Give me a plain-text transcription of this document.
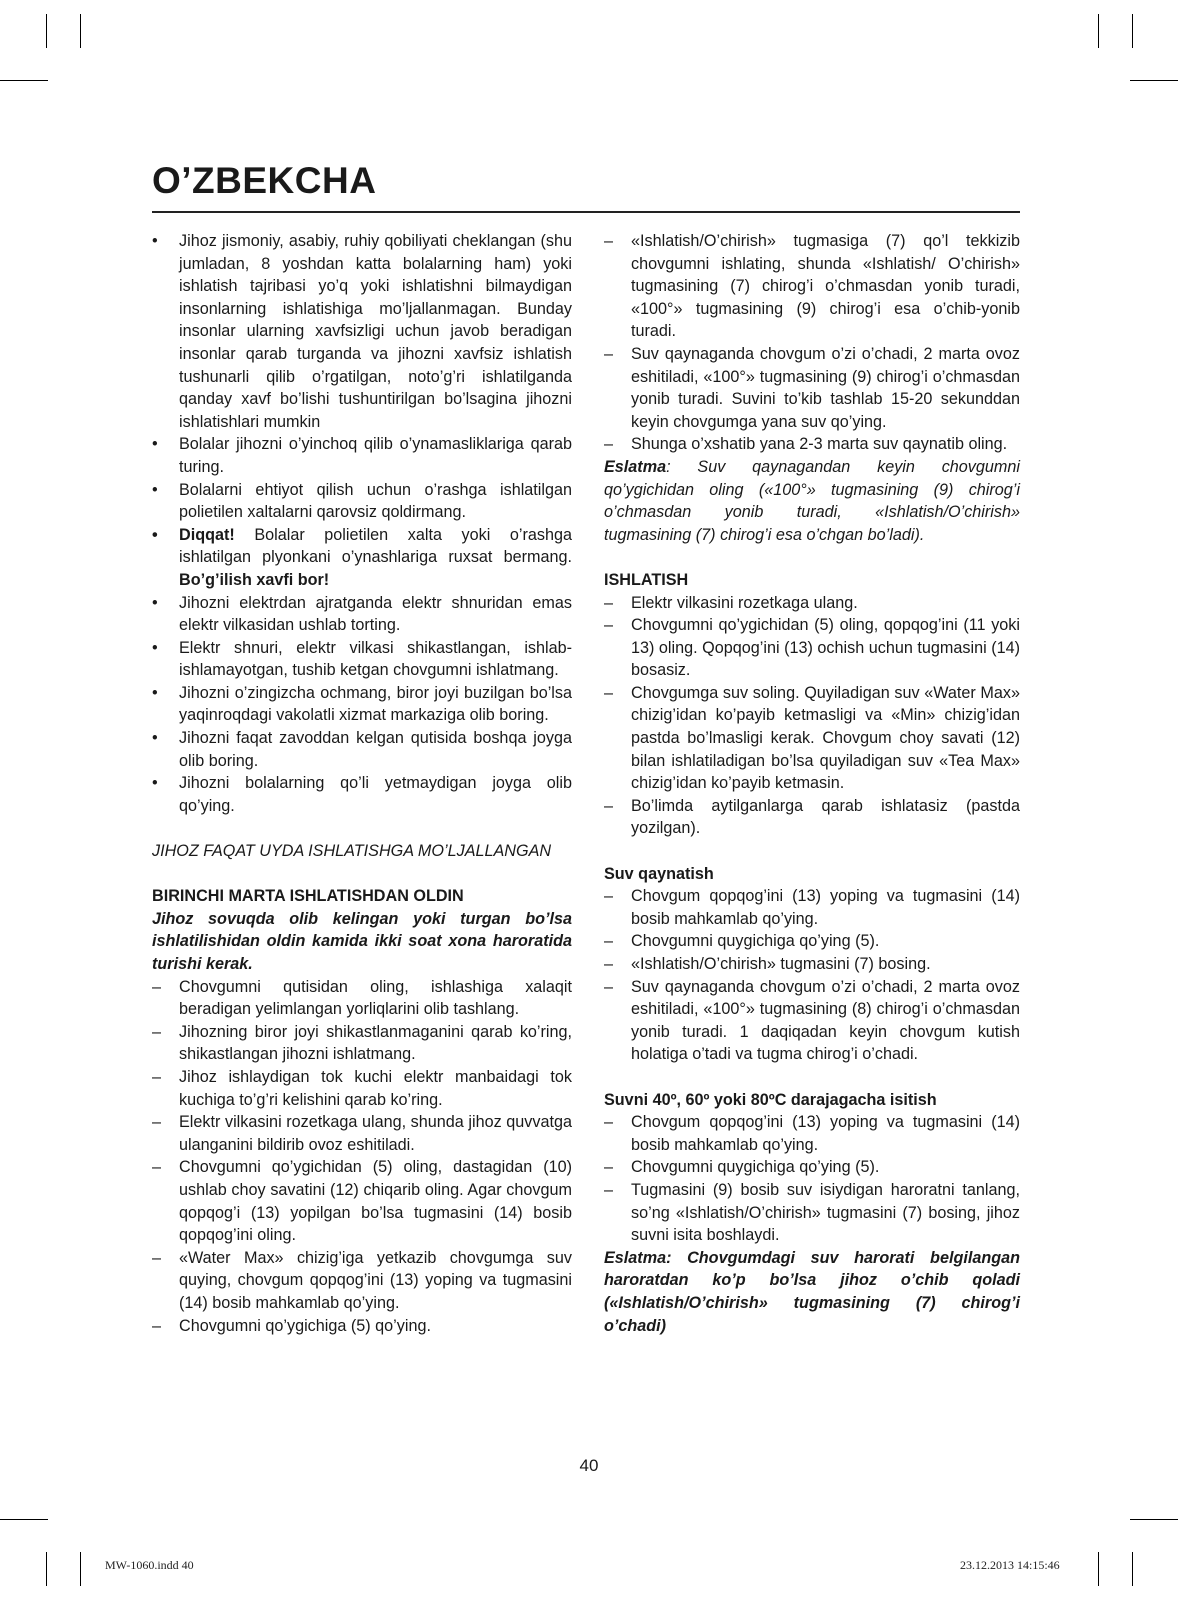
O’ZBEKCHA
• Jihoz jismoniy, asabiy, ruhiy qobiliyati cheklangan (shu jumladan, 8 yoshdan katta bolalarning ham) yoki ishlatish tajribasi yo’q yoki ishlatishni bilmaydigan insonlarning ishlatishiga mo’ljallanmagan. Bunday insonlar ularning xavfsizligi uchun javob beradigan insonlar qarab turganda va jihozni xavfsiz ishlatish tushunarli qilib o’rgatilgan, noto’g’ri ishlatilganda qanday xavf bo’lishi tushuntirilgan bo’lsagina jihozni ishlatishlari mumkin
• Bolalar jihozni o’yinchoq qilib o’ynamasliklariga qarab turing.
• Bolalarni ehtiyot qilish uchun o’rashga ishlatilgan polietilen xaltalarni qarovsiz qoldirmang.
• Diqqat! Bolalar polietilen xalta yoki o’rashga ishlatilgan plyonkani o’ynashlariga ruxsat bermang. Bo’g’ilish xavfi bor!
• Jihozni elektrdan ajratganda elektr shnuridan emas elektr vilkasidan ushlab torting.
• Elektr shnuri, elektr vilkasi shikastlangan, ishlab-ishlamayotgan, tushib ketgan chovgumni ishlatmang.
• Jihozni o’zingizcha ochmang, biror joyi buzilgan bo’lsa yaqinroqdagi vakolatli xizmat markaziga olib boring.
• Jihozni faqat zavoddan kelgan qutisida boshqa joyga olib boring.
• Jihozni bolalarning qo’li yetmaydigan joyga olib qo’ying.
JIHOZ FAQAT UYDA ISHLATISHGA MO’LJALLANGAN
BIRINCHI MARTA ISHLATISHDAN OLDIN
Jihoz sovuqda olib kelingan yoki turgan bo’lsa ishlatilishidan oldin kamida ikki soat xona haroratida turishi kerak.
– Chovgumni qutisidan oling, ishlashiga xalaqit beradigan yelimlangan yorliqlarini olib tashlang.
– Jihozning biror joyi shikastlanmaganini qarab ko’ring, shikastlangan jihozni ishlatmang.
– Jihoz ishlaydigan tok kuchi elektr manbaidagi tok kuchiga to’g’ri kelishini qarab ko’ring.
– Elektr vilkasini rozetkaga ulang, shunda jihoz quvvatga ulanganini bildirib ovoz eshitiladi.
– Chovgumni qo’ygichidan (5) oling, dastagidan (10) ushlab choy savatini (12) chiqarib oling. Agar chovgum qopqog’i (13) yopilgan bo’lsa tugmasini (14) bosib qopqog’ini oling.
– «Water Max» chizig’iga yetkazib chovgumga suv quying, chovgum qopqog’ini (13) yoping va tugmasini (14) bosib mahkamlab qo’ying.
– Chovgumni qo’ygichiga (5) qo’ying.
– «Ishlatish/O’chirish» tugmasiga (7) qo’l tekkizib chovgumni ishlating, shunda «Ishlatish/ O’chirish» tugmasining (7) chirog’i o’chmasdan yonib turadi, «100°» tugmasining (9) chirog’i esa o’chib-yonib turadi.
– Suv qaynaganda chovgum o’zi o’chadi, 2 marta ovoz eshitiladi, «100°» tugmasining (9) chirog’i o’chmasdan yonib turadi. Suvini to’kib tashlab 15-20 sekunddan keyin chovgumga yana suv qo’ying.
– Shunga o’xshatib yana 2-3 marta suv qaynatib oling.
Eslatma: Suv qaynagandan keyin chovgumni qo’ygichidan oling («100°» tugmasining (9) chirog’i o’chmasdan yonib turadi, «Ishlatish/O’chirish» tugmasining (7) chirog’i esa o’chgan bo’ladi).
ISHLATISH
– Elektr vilkasini rozetkaga ulang.
– Chovgumni qo’ygichidan (5) oling, qopqog’ini (11 yoki 13) oling. Qopqog’ini (13) ochish uchun tugmasini (14) bosasiz.
– Chovgumga suv soling. Quyiladigan suv «Water Max» chizig’idan ko’payib ketmasligi va «Min» chizig’idan pastda bo’lmasligi kerak. Chovgum choy savati (12) bilan ishlatiladigan bo’lsa quyiladigan suv «Tea Max» chizig’idan ko’payib ketmasin.
– Bo’limda aytilganlarga qarab ishlatasiz (pastda yozilgan).
Suv qaynatish
– Chovgum qopqog’ini (13) yoping va tugmasini (14) bosib mahkamlab qo’ying.
– Chovgumni quygichiga qo’ying (5).
– «Ishlatish/O’chirish» tugmasini (7) bosing.
– Suv qaynaganda chovgum o’zi o’chadi, 2 marta ovoz eshitiladi, «100°» tugmasining (8) chirog’i o’chmasdan yonib turadi. 1 daqiqadan keyin chovgum kutish holatiga o’tadi va tugma chirog’i o’chadi.
Suvni 40º, 60º yoki 80ºC darajagacha isitish
– Chovgum qopqog’ini (13) yoping va tugmasini (14) bosib mahkamlab qo’ying.
– Chovgumni quygichiga qo’ying (5).
– Tugmasini (9) bosib suv isiydigan haroratni tanlang, so’ng «Ishlatish/O’chirish» tugmasini (7) bosing, jihoz suvni isita boshlaydi.
Eslatma: Chovgumdagi suv harorati belgilangan haroratdan ko’p bo’lsa jihoz o’chib qoladi («Ishlatish/O’chirish» tugmasining (7) chirog’i o’chadi)
40
MW-1060.indd 40	23.12.2013 14:15:46
